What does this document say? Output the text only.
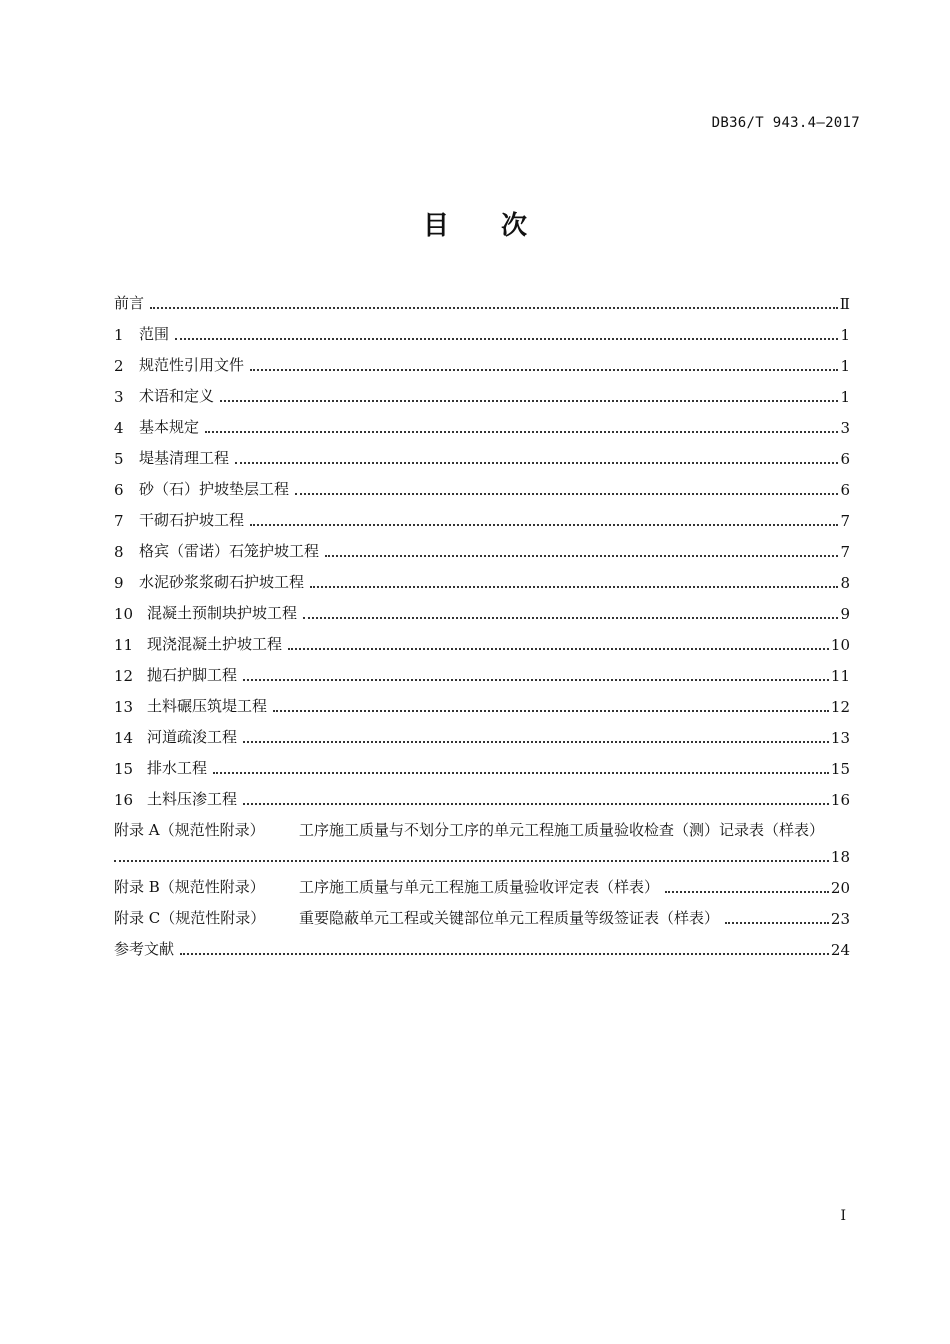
DB36/T 943.4—2017
目 次
前言	Ⅱ
1	范围	1
2	规范性引用文件	1
3	术语和定义	1
4	基本规定	3
5	堤基清理工程	6
6	砂（石）护坡垫层工程	6
7	干砌石护坡工程	7
8	格宾（雷诺）石笼护坡工程	7
9	水泥砂浆浆砌石护坡工程	8
10 混凝土预制块护坡工程	9
11 现浇混凝土护坡工程	10
12 抛石护脚工程	11
13 土料碾压筑堤工程	12
14 河道疏浚工程	13
15 排水工程	15
16 土料压渗工程	16
附录 A（规范性附录）	工序施工质量与不划分工序的单元工程施工质量验收检查（测）记录表（样表）
18
附录 B（规范性附录）	工序施工质量与单元工程施工质量验收评定表（样表）	20
附录 C（规范性附录）	重要隐蔽单元工程或关键部位单元工程质量等级签证表（样表）	23
参考文献	24
I
